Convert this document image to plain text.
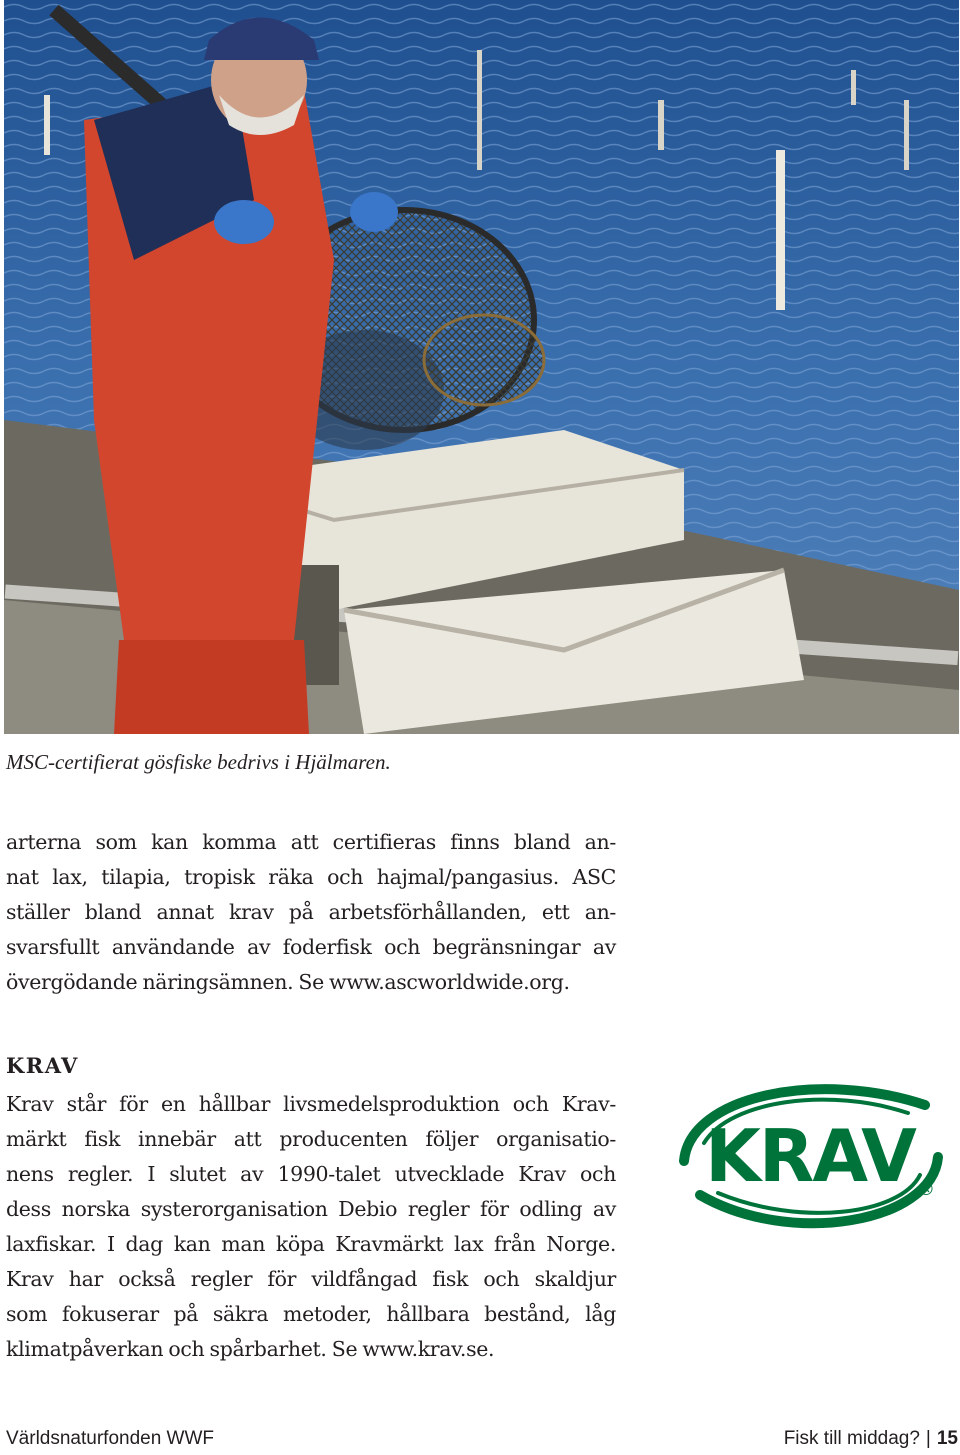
MSC-certifierat gösfiske bedrivs i Hjälmaren.

arterna som kan komma att certifieras finns bland an-
nat lax, tilapia, tropisk räka och hajmal/pangasius. ASC
ställer bland annat krav på arbetsförhållanden, ett an-
svarsfullt användande av foderfisk och begränsningar av
övergödande näringsämnen. Se www.ascworldwide.org.

KRAV

Krav står för en hållbar livsmedelsproduktion och Krav-
märkt fisk innebär att producenten följer organisatio-
nens regler. I slutet av 1990-talet utvecklade Krav och
dess norska systerorganisation Debio regler för odling av
laxfiskar. I dag kan man köpa Kravmärkt lax från Norge.
Krav har också regler för vildfångad fisk och skaldjur
som fokuserar på säkra metoder, hållbara bestånd, låg
klimatpåverkan och spårbarhet. Se www.krav.se.

KRAV ®
Världsnaturfonden WWF	Fisk till middag? | 15
